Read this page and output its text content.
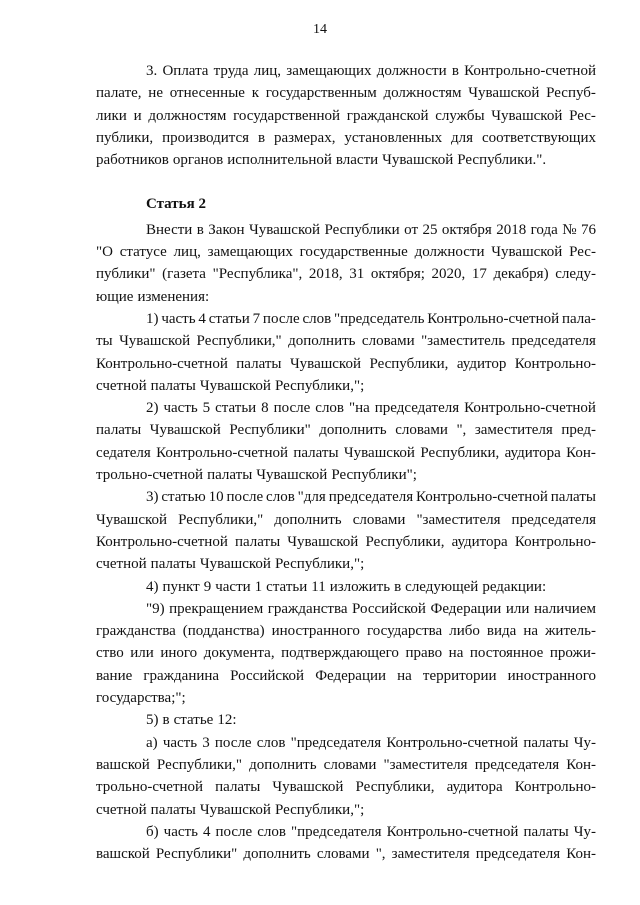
14
3. Оплата труда лиц, замещающих должности в Контрольно-счетной
палате, не отнесенные к государственным должностям Чувашской Респуб-
лики и должностям государственной гражданской службы Чувашской Рес-
публики, производится в размерах, установленных для соответствующих
работников органов исполнительной власти Чувашской Республики.".
Статья 2
Внести в Закон Чувашской Республики от 25 октября 2018 года № 76
"О статусе лиц, замещающих государственные должности Чувашской Рес-
публики" (газета "Республика", 2018, 31 октября; 2020, 17 декабря) следу-
ющие изменения:
1) часть 4 статьи 7 после слов "председатель Контрольно-счетной пала-
ты Чувашской Республики," дополнить словами "заместитель председателя
Контрольно-счетной палаты Чувашской Республики, аудитор Контрольно-
счетной палаты Чувашской Республики,";
2) часть 5 статьи 8 после слов "на председателя Контрольно-счетной
палаты Чувашской Республики" дополнить словами ", заместителя пред-
седателя Контрольно-счетной палаты Чувашской Республики, аудитора Кон-
трольно-счетной палаты Чувашской Республики";
3) статью 10 после слов "для председателя Контрольно-счетной палаты
Чувашской Республики," дополнить словами "заместителя председателя
Контрольно-счетной палаты Чувашской Республики, аудитора Контрольно-
счетной палаты Чувашской Республики,";
4) пункт 9 части 1 статьи 11 изложить в следующей редакции:
"9) прекращением гражданства Российской Федерации или наличием
гражданства (подданства) иностранного государства либо вида на житель-
ство или иного документа, подтверждающего право на постоянное прожи-
вание гражданина Российской Федерации на территории иностранного
государства;";
5) в статье 12:
а) часть 3 после слов "председателя Контрольно-счетной палаты Чу-
вашской Республики," дополнить словами "заместителя председателя Кон-
трольно-счетной палаты Чувашской Республики, аудитора Контрольно-
счетной палаты Чувашской Республики,";
б) часть 4 после слов "председателя Контрольно-счетной палаты Чу-
вашской Республики" дополнить словами ", заместителя председателя Кон-
